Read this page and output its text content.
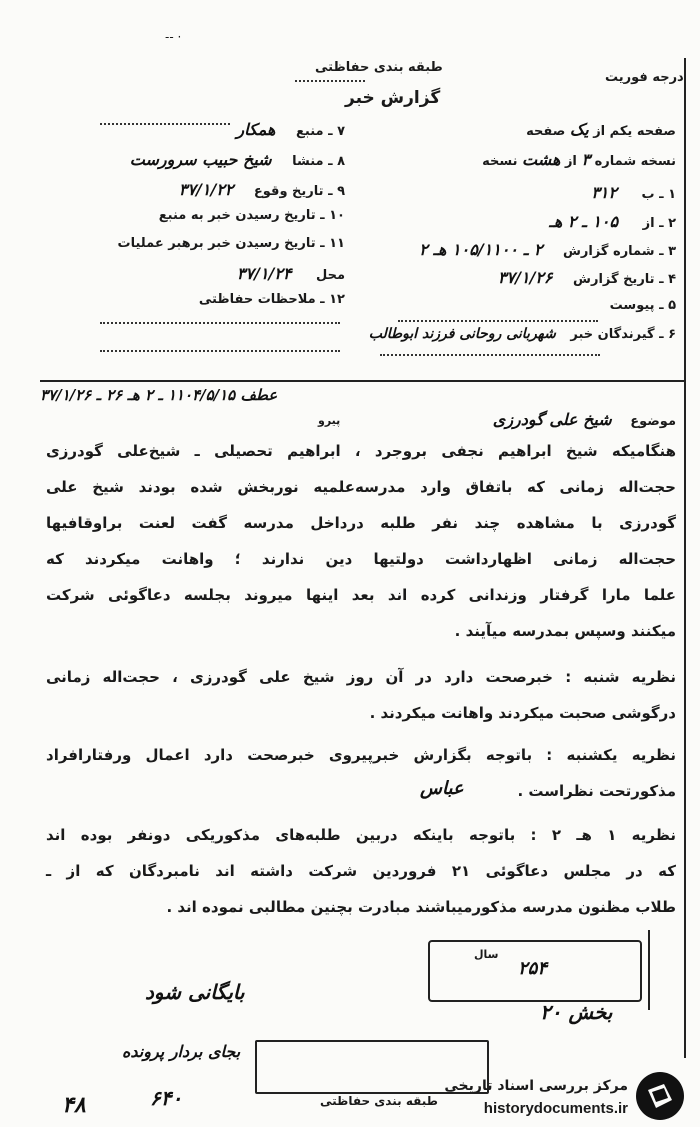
-- ·
طبقه بندی حفاظتی
گزارش خبر
درجه فوریت
صفحه یکم از یک صفحه
نسخه شماره ۳ از هشت نسخه
۱ ـ ب ۳۱۲
۲ ـ از ۱۰۵ ـ ۲ هـ
۳ ـ شماره گزارش ۲ ـ ۱۰۵/۱۱۰۰ هـ ۲
۴ ـ تاریخ گزارش ۳۷/۱/۲۶
۵ ـ پیوست
۶ ـ گیرندگان خبر شهربانی روحانی فرزند ابوطالب
۷ ـ منبع همکار
۸ ـ منشا شیخ حبیب‌ سرورست
۹ ـ تاریخ وقوع ۳۷/۱/۲۲
۱۰ ـ تاریخ رسیدن خبر به منبع
۱۱ ـ تاریخ رسیدن خبر برهبر عملیات
محل ۳۷/۱/۲۴
۱۲ ـ ملاحظات حفاظتی
عطف ۱۱۰۴/۵/۱۵ ـ ۲ هـ ۲۶ ـ ۳۷/۱/۲۶
پیرو	موضوع شیخ علی گودرزی
هنگامیکه شیخ ابراهیم نجفی بروجرد ، ابراهیم تحصیلی ـ شیخ‌علی گودرزی
حجت‌اله زمانی که باتفاق وارد مدرسه‌علمیه نوربخش شده بودند شیخ علی
گودرزی با مشاهده چند نفر طلبه درداخل مدرسه گفت لعنت براوقافیها
حجت‌اله زمانی اظهارداشت دولتیها دین ندارند ؛ واهانت میکردند که
علما مارا گرفتار وزندانی کرده اند بعد اینها میروند بجلسه دعاگوئی شرکت
میکنند وسپس بمدرسه میآیند .
نظریه شنبه : خبرصحت دارد در آن روز شیخ علی گودرزی ، حجت‌اله زمانی
درگوشی صحبت میکردند واهانت میکردند .
نظریه یکشنبه : باتوجه بگزارش خبرپیروی خبرصحت دارد اعمال ورفتارافراد
مذکورتحت نظراست .
عباس
نظریه ۱ هـ ۲ : باتوجه باینکه دربین طلبه‌های مذکوریکی دونفر بوده اند
که در مجلس دعاگوئی ۲۱ فروردین شرکت داشته اند نامبردگان که از ـ
طلاب مظنون مدرسه مذکورمیباشند مبادرت بچنین مطالبی نموده اند .
۲۵۴
سال
بایگانی شود
بجای بردار پرونده
بخش ۲۰
طبقه بندی حفاظتی
۴۸	۶۴۰	مرکز بررسی اسناد تاریخی
historydocuments.ir
